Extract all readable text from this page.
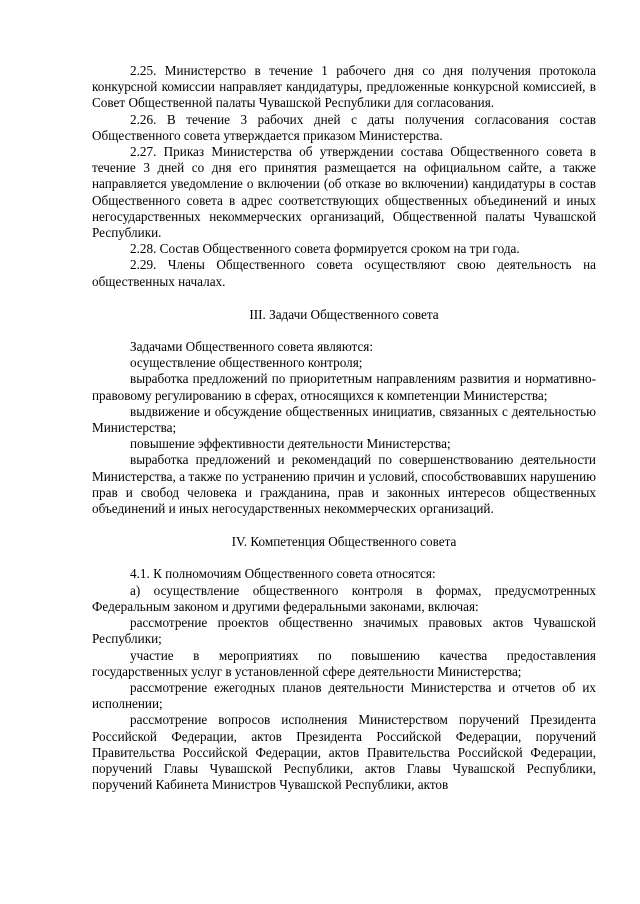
2.25. Министерство в течение 1 рабочего дня со дня получения протокола конкурсной комиссии направляет кандидатуры, предложенные конкурсной комиссией, в Совет Общественной палаты Чувашской Республики для согласования.

2.26. В течение 3 рабочих дней с даты получения согласования состав Общественного совета утверждается приказом Министерства.

2.27. Приказ Министерства об утверждении состава Общественного совета в течение 3 дней со дня его принятия размещается на официальном сайте, а также направляется уведомление о включении (об отказе во включении) кандидатуры в состав Общественного совета в адрес соответствующих общественных объединений и иных негосударственных некоммерческих организаций, Общественной палаты Чувашской Республики.

2.28. Состав Общественного совета формируется сроком на три года.

2.29. Члены Общественного совета осуществляют свою деятельность на общественных началах.

III. Задачи Общественного совета

Задачами Общественного совета являются:

осуществление общественного контроля;

выработка предложений по приоритетным направлениям развития и нормативно-правовому регулированию в сферах, относящихся к компетенции Министерства;

выдвижение и обсуждение общественных инициатив, связанных с деятельностью Министерства;

повышение эффективности деятельности Министерства;

выработка предложений и рекомендаций по совершенствованию деятельности Министерства, а также по устранению причин и условий, способствовавших нарушению прав и свобод человека и гражданина, прав и законных интересов общественных объединений и иных негосударственных некоммерческих организаций.

IV. Компетенция Общественного совета

4.1. К полномочиям Общественного совета относятся:

а) осуществление общественного контроля в формах, предусмотренных Федеральным законом и другими федеральными законами, включая:

рассмотрение проектов общественно значимых правовых актов Чувашской Республики;

участие в мероприятиях по повышению качества предоставления государственных услуг в установленной сфере деятельности Министерства;

рассмотрение ежегодных планов деятельности Министерства и отчетов об их исполнении;

рассмотрение вопросов исполнения Министерством поручений Президента Российской Федерации, актов Президента Российской Федерации, поручений Правительства Российской Федерации, актов Правительства Российской Федерации, поручений Главы Чувашской Республики, актов Главы Чувашской Республики, поручений Кабинета Министров Чувашской Республики, актов
